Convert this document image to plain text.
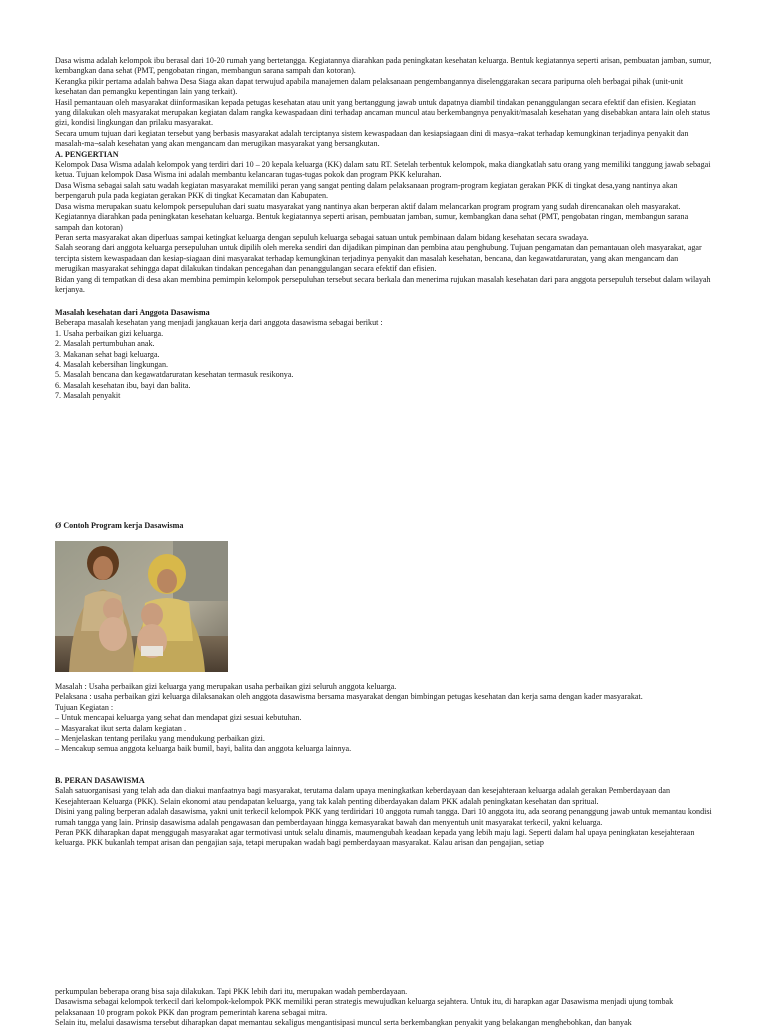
Dasa wisma adalah kelompok ibu berasal dari 10-20 rumah yang bertetangga. Kegiatannya diarahkan pada peningkatan kesehatan keluarga. Bentuk kegiatannya seperti arisan, pembuatan jamban, sumur, kembangkan dana sehat (PMT, pengobatan ringan, membangun sarana sampah dan kotoran).

Kerangka pikir pertama adalah bahwa Desa Siaga akan dapat terwujud apabila manajemen dalam pelaksanaan pengembangannya diselenggarakan secara paripurna oleh berbagai pihak (unit-unit kesehatan dan pemangku kepentingan lain yang terkait).

Hasil pemantauan oleh masyarakat diinformasikan kepada petugas kesehatan atau unit yang bertanggung jawab untuk dapatnya diambil tindakan penanggulangan secara efektif dan efisien. Kegiatan yang dilakukan oleh masyarakat merupakan kegiatan dalam rangka kewaspadaan dini terhadap ancaman muncul atau berkembangnya penyakit/masalah kesehatan yang disebabkan antara lain oleh status gizi, kondisi lingkungan dan prilaku masyarakat.

Secara umum tujuan dari kegiatan tersebut yang berbasis masyarakat adalah terciptanya sistem kewaspadaan dan kesiapsiagaan dini di masya¬rakat terhadap kemungkinan terjadinya penyakit dan masalah-ma¬salah kesehatan yang akan mengancam dan merugikan masyarakat yang bersangkutan.

A. PENGERTIAN

Kelompok Dasa Wisma adalah kelompok yang terdiri dari 10 – 20 kepala keluarga (KK) dalam satu RT. Setelah terbentuk kelompok, maka diangkatlah satu orang yang memiliki tanggung jawab sebagai ketua. Tujuan kelompok Dasa Wisma ini adalah membantu kelancaran tugas-tugas pokok dan program PKK kelurahan.

Dasa Wisma sebagai salah satu wadah kegiatan masyarakat memiliki peran yang sangat penting dalam pelaksanaan program-program kegiatan gerakan PKK di tingkat desa,yang nantinya akan berpengaruh pula pada kegiatan gerakan PKK di tingkat Kecamatan dan Kabupaten.

Dasa wisma merupakan suatu kelompok persepuluhan dari suatu masyarakat yang nantinya akan berperan aktif dalam melancarkan program program yang sudah direncanakan oleh masyarakat. Kegiatannya diarahkan pada peningkatan kesehatan keluarga. Bentuk kegiatannya seperti arisan, pembuatan jamban, sumur, kembangkan dana sehat (PMT, pengobatan ringan, membangun sarana sampah dan kotoran)

Peran serta masyarakat akan diperluas sampai ketingkat keluarga dengan sepuluh keluarga sebagai satuan untuk pembinaan dalam bidang kesehatan secara swadaya.

Salah seorang dari anggota keluarga persepuluhan untuk dipilih oleh mereka sendiri dan dijadikan pimpinan dan pembina atau penghubung. Tujuan pengamatan dan pemantauan oleh masyarakat, agar tercipta sistem kewaspadaan dan kesiap-siagaan dini masyarakat terhadap kemungkinan terjadinya penyakit dan masalah kesehatan, bencana, dan kegawatdaruratan, yang akan mengancam dan merugikan masyarakat sehingga dapat dilakukan tindakan pencegahan dan penanggulangan secara efektif dan efisien.

Bidan yang di tempatkan di desa akan membina pemimpin kelompok persepuluhan tersebut secara berkala dan menerima rujukan masalah kesehatan dari para anggota persepuluh tersebut dalam wilayah kerjanya.

Masalah kesehatan dari Anggota Dasawisma

Beberapa masalah kesehatan yang menjadi jangkauan kerja dari anggota dasawisma sebagai berikut :

1. Usaha perbaikan gizi keluarga.
2. Masalah pertumbuhan anak.
3. Makanan sehat bagi keluarga.
4. Masalah kebersihan lingkungan.
5. Masalah bencana dan kegawatdaruratan kesehatan termasuk resikonya.
6. Masalah kesehatan ibu, bayi dan balita.
7. Masalah penyakit

Ø Contoh Program kerja Dasawisma

Masalah : Usaha perbaikan gizi keluarga yang merupakan usaha perbaikan gizi seluruh anggota keluarga.

Pelaksana : usaha perbaikan gizi keluarga dilaksanakan oleh anggota dasawisma bersama masyarakat dengan bimbingan petugas kesehatan dan kerja sama dengan kader masyarakat.

Tujuan Kegiatan :

– Untuk mencapai keluarga yang sehat dan mendapat gizi sesuai kebutuhan.
– Masyarakat ikut serta dalam kegiatan .
– Menjelaskan tentang perilaku yang mendukung perbaikan gizi.
– Mencakup semua anggota keluarga baik bumil, bayi, balita dan anggota keluarga lainnya.

B. PERAN DASAWISMA

Salah satuorganisasi yang telah ada dan diakui manfaatnya bagi masyarakat, terutama dalam upaya meningkatkan keberdayaan dan kesejahteraan keluarga adalah gerakan Pemberdayaan dan Kesejahteraan Keluarga (PKK). Selain ekonomi atau pendapatan keluarga, yang tak kalah penting diberdayakan dalam PKK adalah peningkatan kesehatan dan spritual.

Disini yang paling berperan adalah dasawisma, yakni unit terkecil kelompok PKK yang terdiridari 10 anggota rumah tangga. Dari 10 anggota itu, ada seorang penanggung jawab untuk memantau kondisi rumah tangga yang lain. Prinsip dasawisma adalah pengawasan dan pemberdayaan hingga kemasyarakat bawah dan menyentuh unit masyarakat terkecil, yakni keluarga.

Peran PKK diharapkan dapat menggugah masyarakat agar termotivasi untuk selalu dinamis, maumengubah keadaan kepada yang lebih maju lagi. Seperti dalam hal upaya peningkatan kesejahteraan keluarga. PKK bukanlah tempat arisan dan pengajian saja, tetapi merupakan wadah bagi pemberdayaan masyarakat. Kalau arisan dan pengajian, setiap

perkumpulan beberapa orang bisa saja dilakukan. Tapi PKK lebih dari itu, merupakan wadah pemberdayaan.

Dasawisma sebagai kelompok terkecil dari kelompok-kelompok PKK memiliki peran strategis mewujudkan keluarga sejahtera. Untuk itu, di harapkan agar Dasawisma menjadi ujung tombak pelaksanaan 10 program pokok PKK dan program pemerintah karena sebagai mitra.

Selain itu, melalui dasawisma tersebut diharapkan dapat memantau sekaligus mengantisipasi muncul serta berkembangkan penyakit yang belakangan menghebohkan, dan banyak
